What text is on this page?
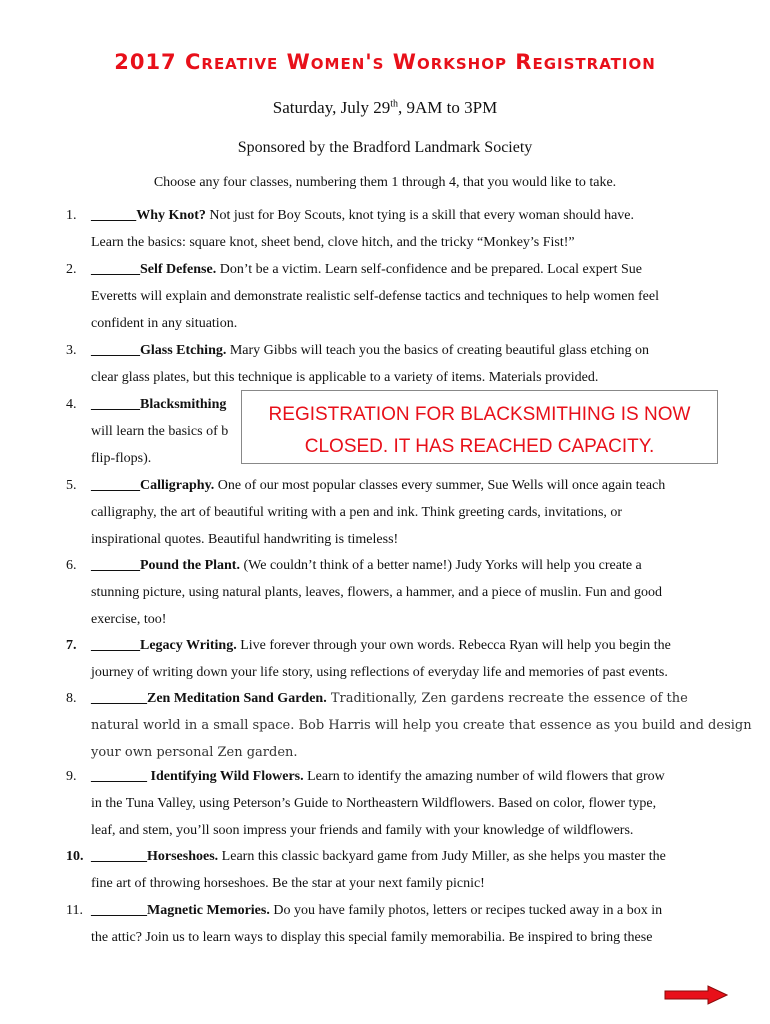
2017 Creative Women's Workshop Registration
Saturday, July 29th, 9AM to 3PM
Sponsored by the Bradford Landmark Society
Choose any four classes, numbering them 1 through 4, that you would like to take.
1. ______ Why Knot? Not just for Boy Scouts, knot tying is a skill that every woman should have.
Learn the basics: square knot, sheet bend, clove hitch, and the tricky “Monkey’s Fist!”
2. _______Self Defense. Don’t be a victim. Learn self-confidence and be prepared. Local expert Sue
Everetts will explain and demonstrate realistic self-defense tactics and techniques to help women feel
confident in any situation.
3. _______Glass Etching. Mary Gibbs will teach you the basics of creating beautiful glass etching on
clear glass plates, but this technique is applicable to a variety of items. Materials provided.
4. _______Blacksmithing
will learn the basics of b
flip-flops).
REGISTRATION FOR BLACKSMITHING IS NOW
CLOSED. IT HAS REACHED CAPACITY.
5. _______Calligraphy. One of our most popular classes every summer, Sue Wells will once again teach
calligraphy, the art of beautiful writing with a pen and ink. Think greeting cards, invitations, or
inspirational quotes. Beautiful handwriting is timeless!
6. _______Pound the Plant. (We couldn’t think of a better name!) Judy Yorks will help you create a
stunning picture, using natural plants, leaves, flowers, a hammer, and a piece of muslin. Fun and good
exercise, too!
7. _______Legacy Writing. Live forever through your own words. Rebecca Ryan will help you begin the
journey of writing down your life story, using reflections of everyday life and memories of past events.
8. ________Zen Meditation Sand Garden. Traditionally, Zen gardens recreate the essence of the
natural world in a small space. Bob Harris will help you create that essence as you build and design
your own personal Zen garden.
9. ________ Identifying Wild Flowers. Learn to identify the amazing number of wild flowers that grow
in the Tuna Valley, using Peterson’s Guide to Northeastern Wildflowers. Based on color, flower type,
leaf, and stem, you’ll soon impress your friends and family with your knowledge of wildflowers.
10. ________Horseshoes. Learn this classic backyard game from Judy Miller, as she helps you master the
fine art of throwing horseshoes. Be the star at your next family picnic!
11. ________Magnetic Memories. Do you have family photos, letters or recipes tucked away in a box in
the attic? Join us to learn ways to display this special family memorabilia. Be inspired to bring these
